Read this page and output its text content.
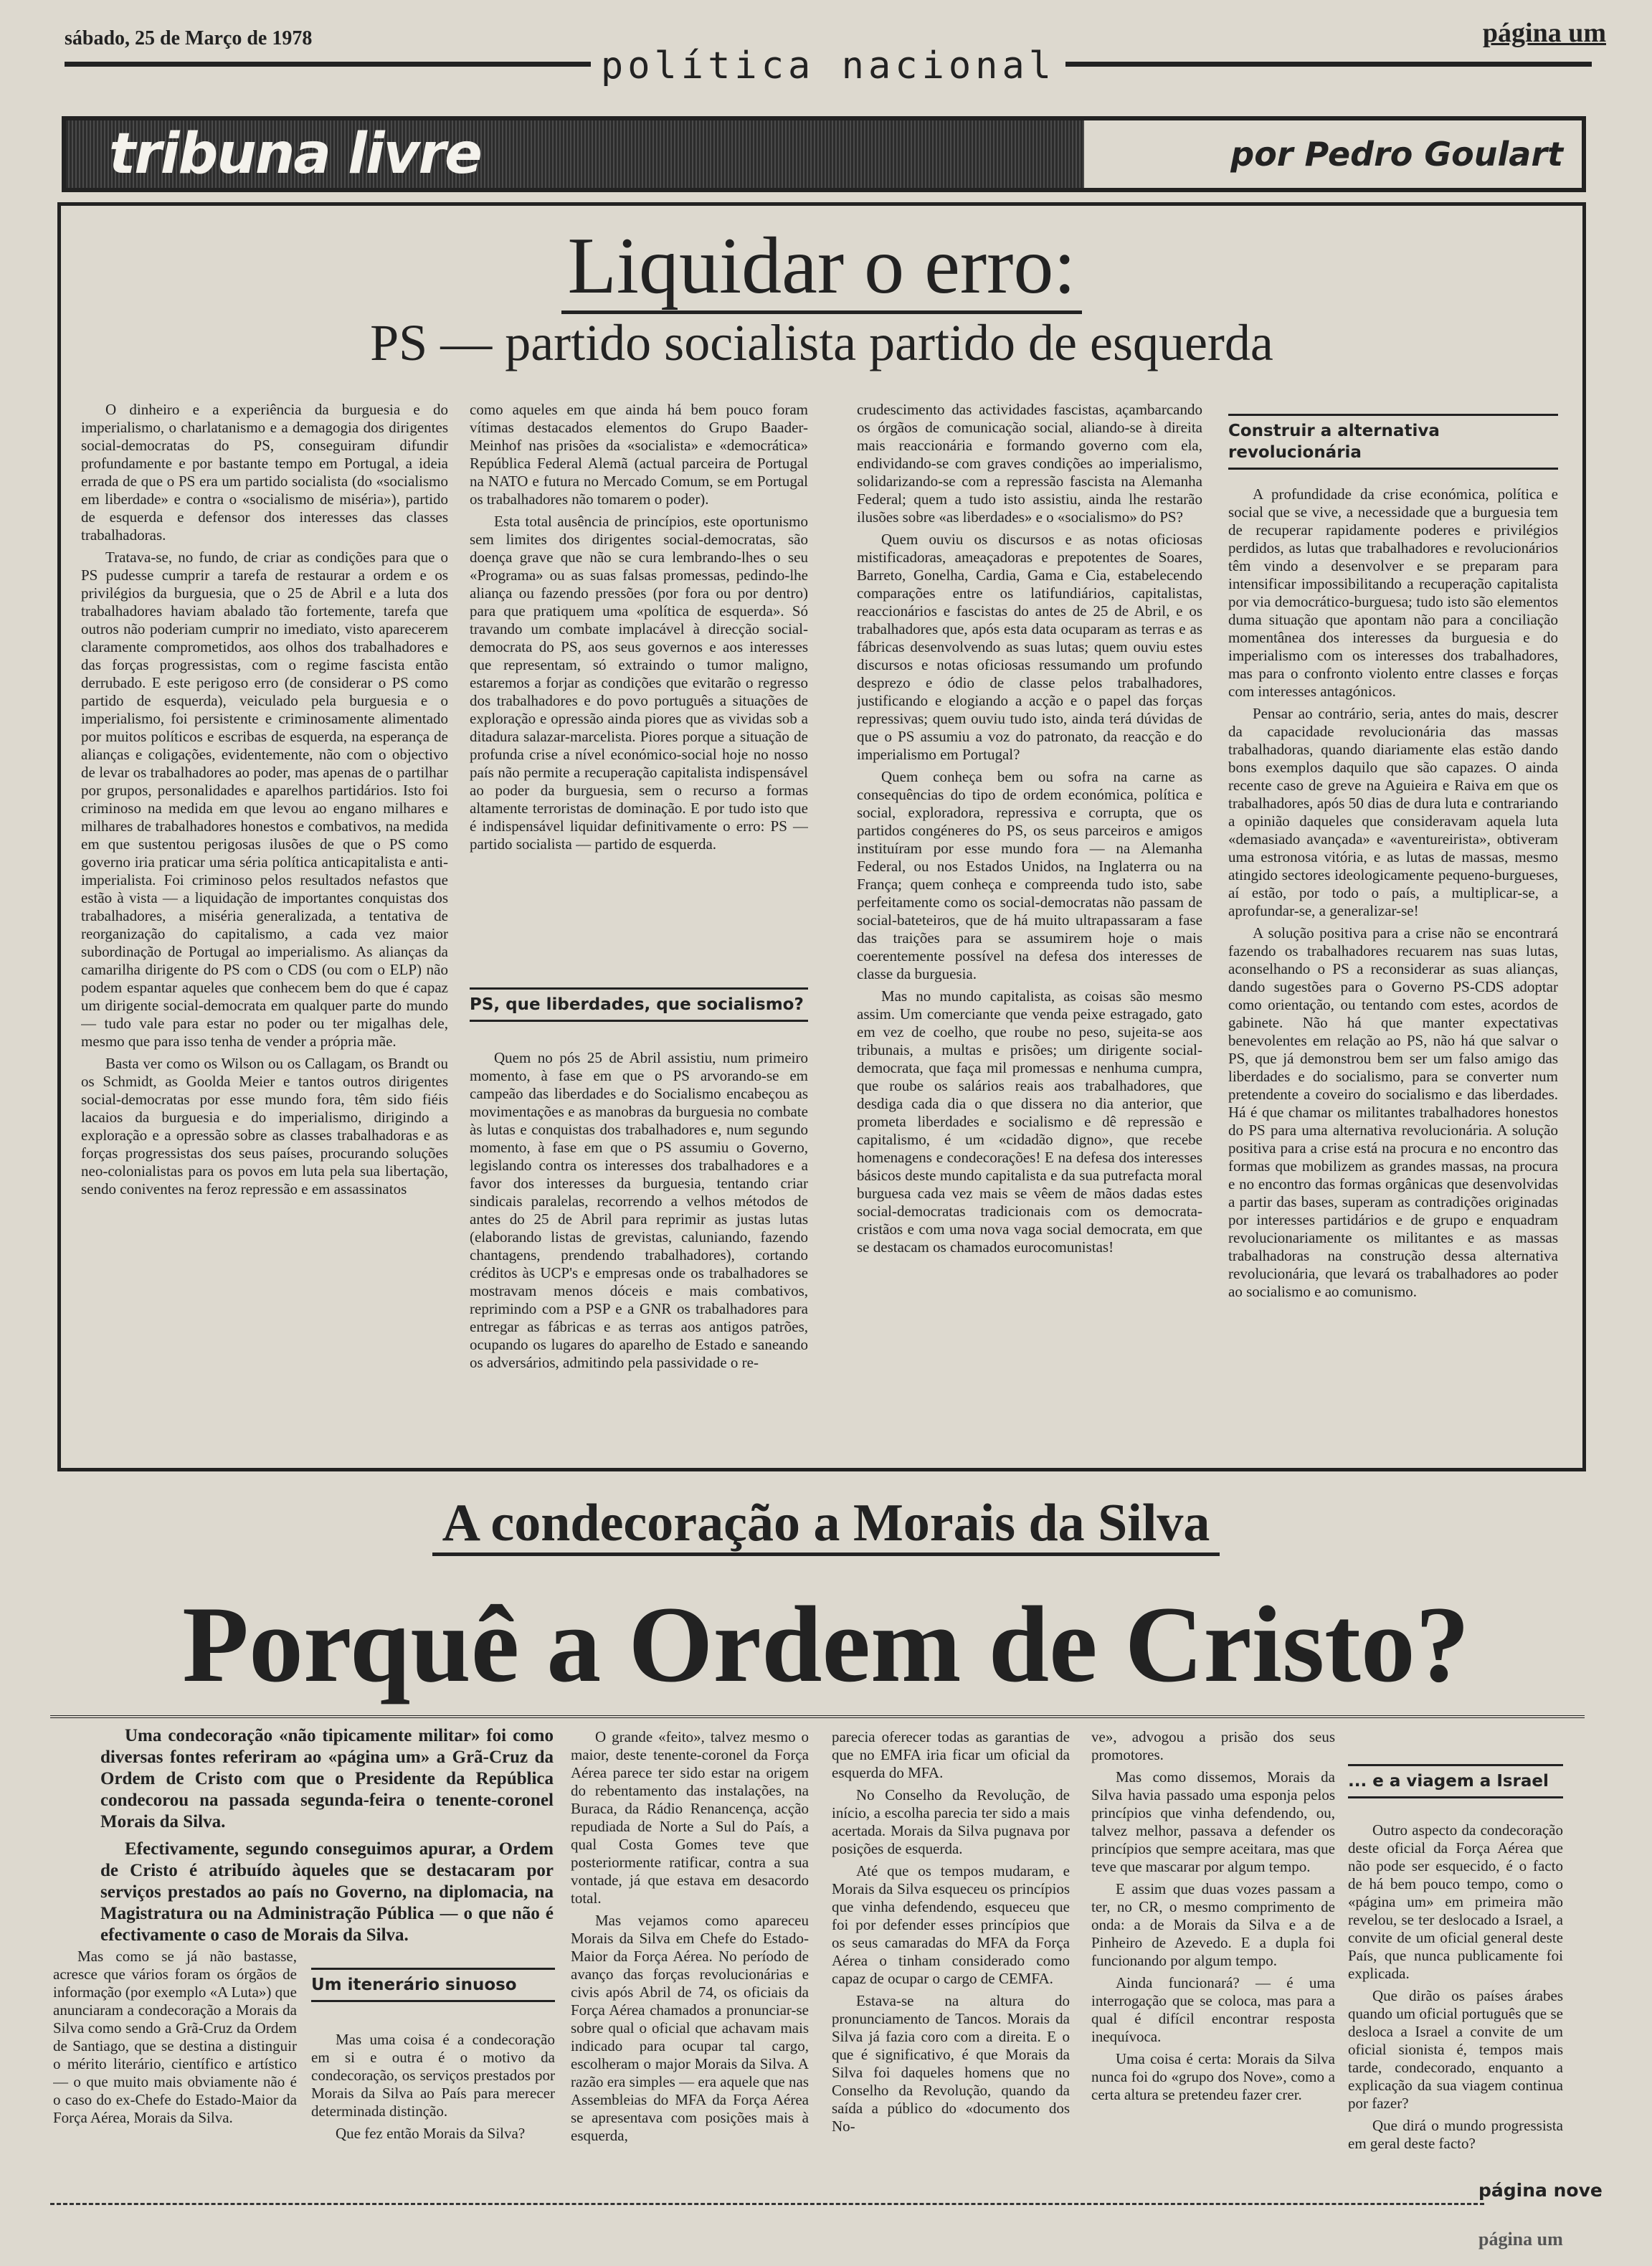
política nacional
sábado, 25 de Março de 1978	página um
tribuna livre	por Pedro Goulart
Liquidar o erro:
PS — partido socialista partido de esquerda

O dinheiro e a experiência da burguesia e do imperialismo, o charlatanismo e a demagogia dos dirigentes social-democratas do PS, conseguiram difundir profundamente e por bastante tempo em Portugal, a ideia errada de que o PS era um partido socialista (do «socialismo em liberdade» e contra o «socialismo de miséria»), partido de esquerda e defensor dos interesses das classes trabalhadoras.

Tratava-se, no fundo, de criar as condições para que o PS pudesse cumprir a tarefa de restaurar a ordem e os privilégios da burguesia, que o 25 de Abril e a luta dos trabalhadores haviam abalado tão fortemente, tarefa que outros não poderiam cumprir no imediato, visto aparecerem claramente comprometidos, aos olhos dos trabalhadores e das forças progressistas, com o regime fascista então derrubado. E este perigoso erro (de considerar o PS como partido de esquerda), veiculado pela burguesia e o imperialismo, foi persistente e criminosamente alimentado por muitos políticos e escribas de esquerda, na esperança de alianças e coligações, evidentemente, não com o objectivo de levar os trabalhadores ao poder, mas apenas de o partilhar por grupos, personalidades e aparelhos partidários. Isto foi criminoso na medida em que levou ao engano milhares e milhares de trabalhadores honestos e combativos, na medida em que sustentou perigosas ilusões de que o PS como governo iria praticar uma séria política anticapitalista e anti-imperialista. Foi criminoso pelos resultados nefastos que estão à vista — a liquidação de importantes conquistas dos trabalhadores, a miséria generalizada, a tentativa de reorganização do capitalismo, a cada vez maior subordinação de Portugal ao imperialismo. As alianças da camarilha dirigente do PS com o CDS (ou com o ELP) não podem espantar aqueles que conhecem bem do que é capaz um dirigente social-democrata em qualquer parte do mundo — tudo vale para estar no poder ou ter migalhas dele, mesmo que para isso tenha de vender a própria mãe.

Basta ver como os Wilson ou os Callagam, os Brandt ou os Schmidt, as Goolda Meier e tantos outros dirigentes social-democratas por esse mundo fora, têm sido fiéis lacaios da burguesia e do imperialismo, dirigindo a exploração e a opressão sobre as classes trabalhadoras e as forças progressistas dos seus países, procurando soluções neo-colonialistas para os povos em luta pela sua libertação, sendo coniventes na feroz repressão e em assassinatos

como aqueles em que ainda há bem pouco foram vítimas destacados elementos do Grupo Baader-Meinhof nas prisões da «socialista» e «democrática» República Federal Alemã (actual parceira de Portugal na NATO e futura no Mercado Comum, se em Portugal os trabalhadores não tomarem o poder).

Esta total ausência de princípios, este oportunismo sem limites dos dirigentes social-democratas, são doença grave que não se cura lembrando-lhes o seu «Programa» ou as suas falsas promessas, pedindo-lhe aliança ou fazendo pressões (por fora ou por dentro) para que pratiquem uma «política de esquerda». Só travando um combate implacável à direcção social-democrata do PS, aos seus governos e aos interesses que representam, só extraindo o tumor maligno, estaremos a forjar as condições que evitarão o regresso dos trabalhadores e do povo português a situações de exploração e opressão ainda piores que as vividas sob a ditadura salazar-marcelista. Piores porque a situação de profunda crise a nível económico-social hoje no nosso país não permite a recuperação capitalista indispensável ao poder da burguesia, sem o recurso a formas altamente terroristas de dominação. E por tudo isto que é indispensável liquidar definitivamente o erro: PS — partido socialista — partido de esquerda.

PS, que liberdades, que socialismo?

Quem no pós 25 de Abril assistiu, num primeiro momento, à fase em que o PS arvorando-se em campeão das liberdades e do Socialismo encabeçou as movimentações e as manobras da burguesia no combate às lutas e conquistas dos trabalhadores e, num segundo momento, à fase em que o PS assumiu o Governo, legislando contra os interesses dos trabalhadores e a favor dos interesses da burguesia, tentando criar sindicais paralelas, recorrendo a velhos métodos de antes do 25 de Abril para reprimir as justas lutas (elaborando listas de grevistas, caluniando, fazendo chantagens, prendendo trabalhadores), cortando créditos às UCP's e empresas onde os trabalhadores se mostravam menos dóceis e mais combativos, reprimindo com a PSP e a GNR os trabalhadores para entregar as fábricas e as terras aos antigos patrões, ocupando os lugares do aparelho de Estado e saneando os adversários, admitindo pela passividade o re-

crudescimento das actividades fascistas, açambarcando os órgãos de comunicação social, aliando-se à direita mais reaccionária e formando governo com ela, endividando-se com graves condições ao imperialismo, solidarizando-se com a repressão fascista na Alemanha Federal; quem a tudo isto assistiu, ainda lhe restarão ilusões sobre «as liberdades» e o «socialismo» do PS?

Quem ouviu os discursos e as notas oficiosas mistificadoras, ameaçadoras e prepotentes de Soares, Barreto, Gonelha, Cardia, Gama e Cia, estabelecendo comparações entre os latifundiários, capitalistas, reaccionários e fascistas do antes de 25 de Abril, e os trabalhadores que, após esta data ocuparam as terras e as fábricas desenvolvendo as suas lutas; quem ouviu estes discursos e notas oficiosas ressumando um profundo desprezo e ódio de classe pelos trabalhadores, justificando e elogiando a acção e o papel das forças repressivas; quem ouviu tudo isto, ainda terá dúvidas de que o PS assumiu a voz do patronato, da reacção e do imperialismo em Portugal?

Quem conheça bem ou sofra na carne as consequências do tipo de ordem económica, política e social, exploradora, repressiva e corrupta, que os partidos congéneres do PS, os seus parceiros e amigos instituíram por esse mundo fora — na Alemanha Federal, ou nos Estados Unidos, na Inglaterra ou na França; quem conheça e compreenda tudo isto, sabe perfeitamente como os social-democratas não passam de social-bateteiros, que de há muito ultrapassaram a fase das traições para se assumirem hoje o mais coerentemente possível na defesa dos interesses de classe da burguesia.

Mas no mundo capitalista, as coisas são mesmo assim. Um comerciante que venda peixe estragado, gato em vez de coelho, que roube no peso, sujeita-se aos tribunais, a multas e prisões; um dirigente social-democrata, que faça mil promessas e nenhuma cumpra, que roube os salários reais aos trabalhadores, que desdiga cada dia o que dissera no dia anterior, que prometa liberdades e socialismo e dê repressão e capitalismo, é um «cidadão digno», que recebe homenagens e condecorações! E na defesa dos interesses básicos deste mundo capitalista e da sua putrefacta moral burguesa cada vez mais se vêem de mãos dadas estes social-democratas tradicionais com os democrata-cristãos e com uma nova vaga social democrata, em que se destacam os chamados eurocomunistas!

Construir a alternativa revolucionária

A profundidade da crise económica, política e social que se vive, a necessidade que a burguesia tem de recuperar rapidamente poderes e privilégios perdidos, as lutas que trabalhadores e revolucionários têm vindo a desenvolver e se preparam para intensificar impossibilitando a recuperação capitalista por via democrático-burguesa; tudo isto são elementos duma situação que apontam não para a conciliação momentânea dos interesses da burguesia e do imperialismo com os interesses dos trabalhadores, mas para o confronto violento entre classes e forças com interesses antagónicos.

Pensar ao contrário, seria, antes do mais, descrer da capacidade revolucionária das massas trabalhadoras, quando diariamente elas estão dando bons exemplos daquilo que são capazes. O ainda recente caso de greve na Aguieira e Raiva em que os trabalhadores, após 50 dias de dura luta e contrariando a opinião daqueles que consideravam aquela luta «demasiado avançada» e «aventureirista», obtiveram uma estronosa vitória, e as lutas de massas, mesmo atingido sectores ideologicamente pequeno-burgueses, aí estão, por todo o país, a multiplicar-se, a aprofundar-se, a generalizar-se!

A solução positiva para a crise não se encontrará fazendo os trabalhadores recuarem nas suas lutas, aconselhando o PS a reconsiderar as suas alianças, dando sugestões para o Governo PS-CDS adoptar como orientação, ou tentando com estes, acordos de gabinete. Não há que manter expectativas benevolentes em relação ao PS, não há que salvar o PS, que já demonstrou bem ser um falso amigo das liberdades e do socialismo, para se converter num pretendente a coveiro do socialismo e das liberdades. Há é que chamar os militantes trabalhadores honestos do PS para uma alternativa revolucionária. A solução positiva para a crise está na procura e no encontro das formas que mobilizem as grandes massas, na procura e no encontro das formas orgânicas que desenvolvidas a partir das bases, superam as contradições originadas por interesses partidários e de grupo e enquadram revolucionariamente os militantes e as massas trabalhadoras na construção dessa alternativa revolucionária, que levará os trabalhadores ao poder ao socialismo e ao comunismo.

A condecoração a Morais da Silva
Porquê a Ordem de Cristo?

Uma condecoração «não tipicamente militar» foi como diversas fontes referiram ao «página um» a Grã-Cruz da Ordem de Cristo com que o Presidente da República condecorou na passada segunda-feira o tenente-coronel Morais da Silva.

Efectivamente, segundo conseguimos apurar, a Ordem de Cristo é atribuído àqueles que se destacaram por serviços prestados ao país no Governo, na diplomacia, na Magistratura ou na Administração Pública — o que não é efectivamente o caso de Morais da Silva.

Mas como se já não bastasse, acresce que vários foram os órgãos de informação (por exemplo «A Luta») que anunciaram a condecoração a Morais da Silva como sendo a Grã-Cruz da Ordem de Santiago, que se destina a distinguir o mérito literário, científico e artístico — o que muito mais obviamente não é o caso do ex-Chefe do Estado-Maior da Força Aérea, Morais da Silva.

Um itenerário sinuoso

Mas uma coisa é a condecoração em si e outra é o motivo da condecoração, os serviços prestados por Morais da Silva ao País para merecer determinada distinção.

Que fez então Morais da Silva?

O grande «feito», talvez mesmo o maior, deste tenente-coronel da Força Aérea parece ter sido estar na origem do rebentamento das instalações, na Buraca, da Rádio Renancença, acção repudiada de Norte a Sul do País, a qual Costa Gomes teve que posteriormente ratificar, contra a sua vontade, já que estava em desacordo total.

Mas vejamos como apareceu Morais da Silva em Chefe do Estado-Maior da Força Aérea. No período de avanço das forças revolucionárias e civis após Abril de 74, os oficiais da Força Aérea chamados a pronunciar-se sobre qual o oficial que achavam mais indicado para ocupar tal cargo, escolheram o major Morais da Silva. A razão era simples — era aquele que nas Assembleias do MFA da Força Aérea se apresentava com posições mais à esquerda,

parecia oferecer todas as garantias de que no EMFA iria ficar um oficial da esquerda do MFA.

No Conselho da Revolução, de início, a escolha parecia ter sido a mais acertada. Morais da Silva pugnava por posições de esquerda.

Até que os tempos mudaram, e Morais da Silva esqueceu os princípios que vinha defendendo, esqueceu que foi por defender esses princípios que os seus camaradas do MFA da Força Aérea o tinham considerado como capaz de ocupar o cargo de CEMFA.

Estava-se na altura do pronunciamento de Tancos. Morais da Silva já fazia coro com a direita. E o que é significativo, é que Morais da Silva foi daqueles homens que no Conselho da Revolução, quando da saída a público do «documento dos No-

ve», advogou a prisão dos seus promotores.

Mas como dissemos, Morais da Silva havia passado uma esponja pelos princípios que vinha defendendo, ou, talvez melhor, passava a defender os princípios que sempre aceitara, mas que teve que mascarar por algum tempo.

E assim que duas vozes passam a ter, no CR, o mesmo comprimento de onda: a de Morais da Silva e a de Pinheiro de Azevedo. E a dupla foi funcionando por algum tempo.

Ainda funcionará? — é uma interrogação que se coloca, mas para a qual é difícil encontrar resposta inequívoca.

Uma coisa é certa: Morais da Silva nunca foi do «grupo dos Nove», como a certa altura se pretendeu fazer crer.

... e a viagem a Israel

Outro aspecto da condecoração deste oficial da Força Aérea que não pode ser esquecido, é o facto de há bem pouco tempo, como o «página um» em primeira mão revelou, se ter deslocado a Israel, a convite de um oficial general deste País, que nunca publicamente foi explicada.

Que dirão os países árabes quando um oficial português que se desloca a Israel a convite de um oficial sionista é, tempos mais tarde, condecorado, enquanto a explicação da sua viagem continua por fazer?

Que dirá o mundo progressista em geral deste facto?

página nove
página um
